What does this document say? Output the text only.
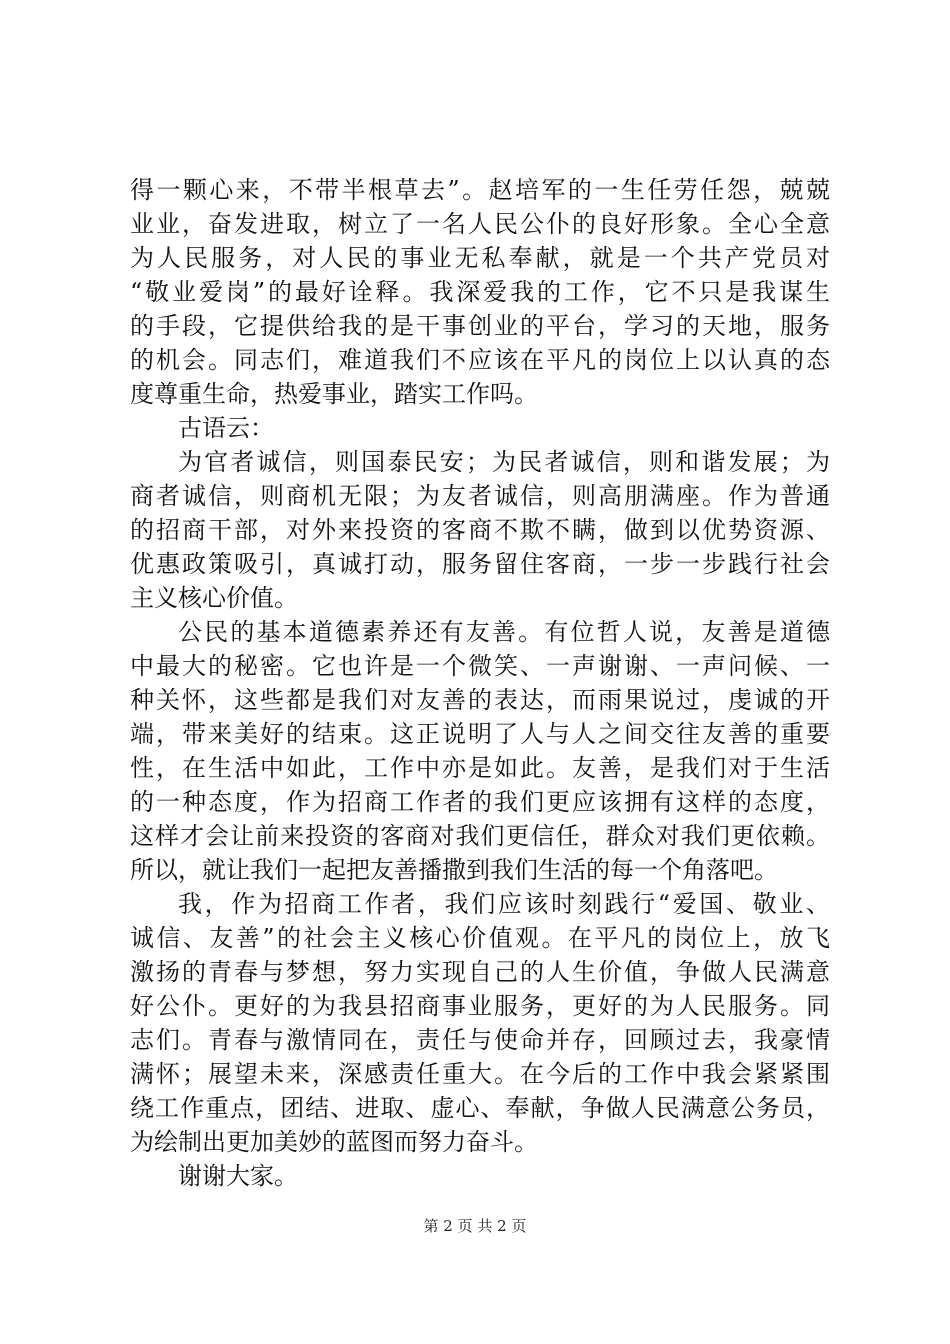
得一颗心来，不带半根草去”。赵培军的一生任劳任怨，兢兢
业业，奋发进取，树立了一名人民公仆的良好形象。全心全意
为人民服务，对人民的事业无私奉献，就是一个共产党员对
“敬业爱岗”的最好诠释。我深爱我的工作，它不只是我谋生
的手段，它提供给我的是干事创业的平台，学习的天地，服务
的机会。同志们，难道我们不应该在平凡的岗位上以认真的态
度尊重生命，热爱事业，踏实工作吗。
古语云：
为官者诚信，则国泰民安；为民者诚信，则和谐发展；为
商者诚信，则商机无限；为友者诚信，则高朋满座。作为普通
的招商干部，对外来投资的客商不欺不瞒，做到以优势资源、
优惠政策吸引，真诚打动，服务留住客商，一步一步践行社会
主义核心价值。
公民的基本道德素养还有友善。有位哲人说，友善是道德
中最大的秘密。它也许是一个微笑、一声谢谢、一声问候、一
种关怀，这些都是我们对友善的表达，而雨果说过，虔诚的开
端，带来美好的结束。这正说明了人与人之间交往友善的重要
性，在生活中如此，工作中亦是如此。友善，是我们对于生活
的一种态度，作为招商工作者的我们更应该拥有这样的态度，
这样才会让前来投资的客商对我们更信任，群众对我们更依赖。
所以，就让我们一起把友善播撒到我们生活的每一个角落吧。
我，作为招商工作者，我们应该时刻践行“爱国、敬业、
诚信、友善”的社会主义核心价值观。在平凡的岗位上，放飞
激扬的青春与梦想，努力实现自己的人生价值，争做人民满意
好公仆。更好的为我县招商事业服务，更好的为人民服务。同
志们。青春与激情同在，责任与使命并存，回顾过去，我豪情
满怀；展望未来，深感责任重大。在今后的工作中我会紧紧围
绕工作重点，团结、进取、虚心、奉献，争做人民满意公务员，
为绘制出更加美妙的蓝图而努力奋斗。
谢谢大家。
第 2 页 共 2 页
